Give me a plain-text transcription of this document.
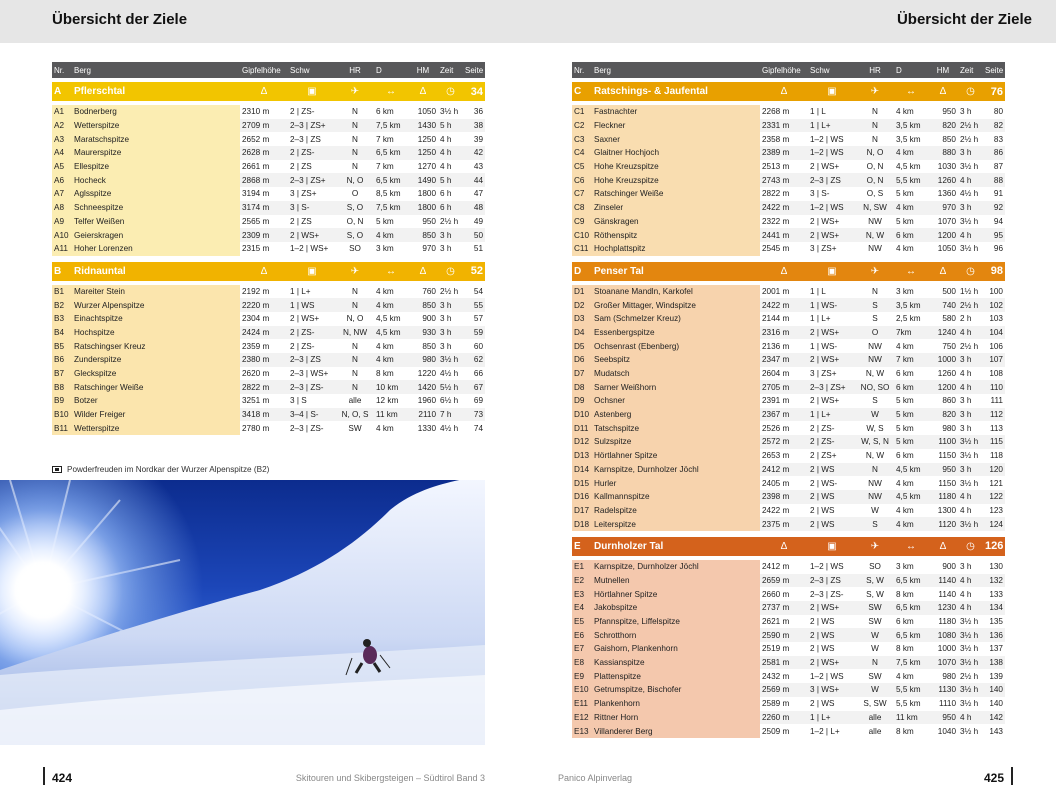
Übersicht der Ziele
Nr.	Berg	Gipfelhöhe	Schw	HR	D	HM	Zeit	Seite

A	Pflerschtal	Δ	▣	✈	↔	Δ	◷	34

A1	Bodnerberg	2310 m	2 | ZS-	N	6 km	1050	3½ h	36
A2	Wetterspitze	2709 m	2–3 | ZS+	N	7,5 km	1430	5 h	38
A3	Maratschspitze	2652 m	2–3 | ZS	N	7 km	1250	4 h	39
A4	Maurerspitze	2628 m	2 | ZS-	N	6,5 km	1250	4 h	42
A5	Ellespitze	2661 m	2 | ZS	N	7 km	1270	4 h	43
A6	Hocheck	2868 m	2–3 | ZS+	N, O	6,5 km	1490	5 h	44
A7	Aglsspitze	3194 m	3 | ZS+	O	8,5 km	1800	6 h	47
A8	Schneespitze	3174 m	3 | S-	S, O	7,5 km	1800	6 h	48
A9	Telfer Weißen	2565 m	2 | ZS	O, N	5 km	950	2½ h	49
A10	Geierskragen	2309 m	2 | WS+	S, O	4 km	850	3 h	50
A11	Hoher Lorenzen	2315 m	1–2 | WS+	SO	3 km	970	3 h	51

B	Ridnauntal	Δ	▣	✈	↔	Δ	◷	52

B1	Mareiter Stein	2192 m	1 | L+	N	4 km	760	2½ h	54
B2	Wurzer Alpenspitze	2220 m	1 | WS	N	4 km	850	3 h	55
B3	Einachtspitze	2304 m	2 | WS+	N, O	4,5 km	900	3 h	57
B4	Hochspitze	2424 m	2 | ZS-	N, NW	4,5 km	930	3 h	59
B5	Ratschingser Kreuz	2359 m	2 | ZS-	N	4 km	850	3 h	60
B6	Zunderspitze	2380 m	2–3 | ZS	N	4 km	980	3½ h	62
B7	Gleckspitze	2620 m	2–3 | WS+	N	8 km	1220	4½ h	66
B8	Ratschinger Weiße	2822 m	2–3 | ZS-	N	10 km	1420	5½ h	67
B9	Botzer	3251 m	3 | S	alle	12 km	1960	6½ h	69
B10	Wilder Freiger	3418 m	3–4 | S-	N, O, S	11 km	2110	7 h	73
B11	Wetterspitze	2780 m	2–3 | ZS-	SW	4 km	1330	4½ h	74
Powderfreuden im Nordkar der Wurzer Alpenspitze (B2)
424	Skitouren und Skibergsteigen – Südtirol Band 3
Übersicht der Ziele
425
Panico Alpinverlag
Nr.	Berg	Gipfelhöhe	Schw	HR	D	HM	Zeit	Seite

C	Ratschings- & Jaufental	Δ	▣	✈	↔	Δ	◷	76

C1	Fastnachter	2268 m	1 | L	N	4 km	950	3 h	80
C2	Fleckner	2331 m	1 | L+	N	3,5 km	820	2½ h	82
C3	Saxner	2358 m	1–2 | WS	N	3,5 km	850	2½ h	83
C4	Glaitner Hochjoch	2389 m	1–2 | WS	N, O	4 km	880	3 h	86
C5	Hohe Kreuzspitze	2513 m	2 | WS+	O, N	4,5 km	1030	3½ h	87
C6	Hohe Kreuzspitze	2743 m	2–3 | ZS	O, N	5,5 km	1260	4 h	88
C7	Ratschinger Weiße	2822 m	3 | S-	O, S	5 km	1360	4½ h	91
C8	Zinseler	2422 m	1–2 | WS	N, SW	4 km	970	3 h	92
C9	Gänskragen	2322 m	2 | WS+	NW	5 km	1070	3½ h	94
C10	Röthenspitz	2441 m	2 | WS+	N, W	6 km	1200	4 h	95
C11	Hochplattspitz	2545 m	3 | ZS+	NW	4 km	1050	3½ h	96

D	Penser Tal	Δ	▣	✈	↔	Δ	◷	98

D1	Stoanane Mandln, Karkofel	2001 m	1 | L	N	3 km	500	1½ h	100
D2	Großer Mittager, Windspitze	2422 m	1 | WS-	S	3,5 km	740	2½ h	102
D3	Sam (Schmelzer Kreuz)	2144 m	1 | L+	S	2,5 km	580	2 h	103
D4	Essenbergspitze	2316 m	2 | WS+	O	7km	1240	4 h	104
D5	Ochsenrast (Ebenberg)	2136 m	1 | WS-	NW	4 km	750	2½ h	106
D6	Seebspitz	2347 m	2 | WS+	NW	7 km	1000	3 h	107
D7	Mudatsch	2604 m	3 | ZS+	N, W	6 km	1260	4 h	108
D8	Sarner Weißhorn	2705 m	2–3 | ZS+	NO, SO	6 km	1200	4 h	110
D9	Ochsner	2391 m	2 | WS+	S	5 km	860	3 h	111
D10	Astenberg	2367 m	1 | L+	W	5 km	820	3 h	112
D11	Tatschspitze	2526 m	2 | ZS-	W, S	5 km	980	3 h	113
D12	Sulzspitze	2572 m	2 | ZS-	W, S, N	5 km	1100	3½ h	115
D13	Hörtlahner Spitze	2653 m	2 | ZS+	N, W	6 km	1150	3½ h	118
D14	Karnspitze, Durnholzer Jöchl	2412 m	2 | WS	N	4,5 km	950	3 h	120
D15	Hurler	2405 m	2 | WS-	NW	4 km	1150	3½ h	121
D16	Kallmannspitze	2398 m	2 | WS	NW	4,5 km	1180	4 h	122
D17	Radelspitze	2422 m	2 | WS	W	4 km	1300	4 h	123
D18	Leiterspitze	2375 m	2 | WS	S	4 km	1120	3½ h	124

E	Durnholzer Tal	Δ	▣	✈	↔	Δ	◷	126

E1	Karnspitze, Durnholzer Jöchl	2412 m	1–2 | WS	SO	3 km	900	3 h	130
E2	Mutnellen	2659 m	2–3 | ZS	S, W	6,5 km	1140	4 h	132
E3	Hörtlahner Spitze	2660 m	2–3 | ZS-	S, W	8 km	1140	4 h	133
E4	Jakobspitze	2737 m	2 | WS+	SW	6,5 km	1230	4 h	134
E5	Pfannspitze, Liffelspitze	2621 m	2 | WS	SW	6 km	1180	3½ h	135
E6	Schrotthorn	2590 m	2 | WS	W	6,5 km	1080	3½ h	136
E7	Gaishorn, Plankenhorn	2519 m	2 | WS	W	8 km	1000	3½ h	137
E8	Kassianspitze	2581 m	2 | WS+	N	7,5 km	1070	3½ h	138
E9	Plattenspitze	2432 m	1–2 | WS	SW	4 km	980	2½ h	139
E10	Getrumspitze, Bischofer	2569 m	3 | WS+	W	5,5 km	1130	3½ h	140
E11	Plankenhorn	2589 m	2 | WS	S, SW	5,5 km	1110	3½ h	140
E12	Rittner Horn	2260 m	1 | L+	alle	11 km	950	4 h	142
E13	Villanderer Berg	2509 m	1–2 | L+	alle	8 km	1040	3½ h	143
